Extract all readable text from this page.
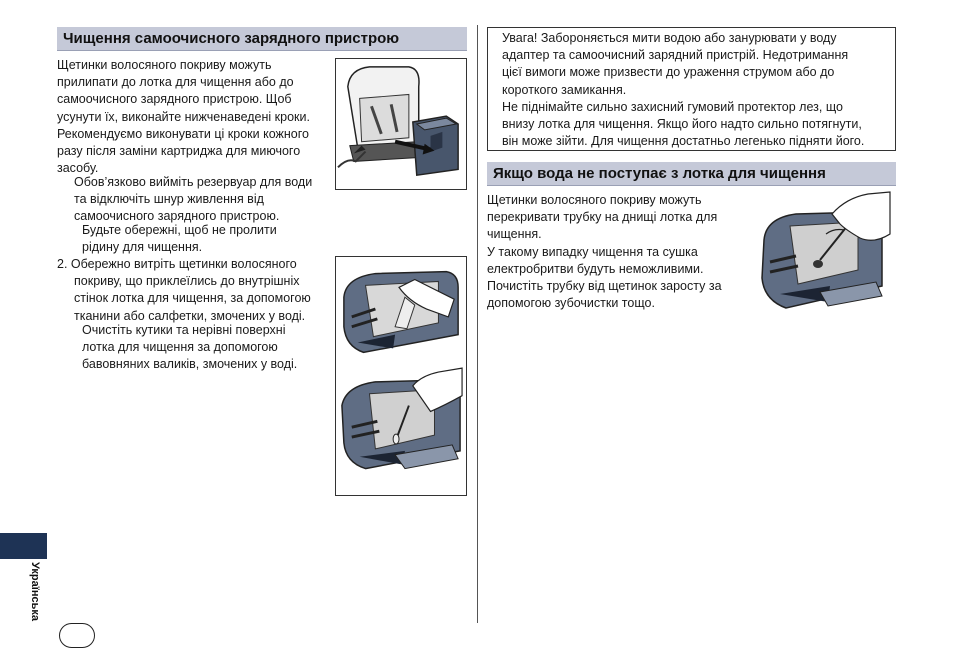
Чищення самоочисного зарядного пристрою

Щетинки волосяного покриву можуть

прилипати до лотка для чищення або до

самоочисного зарядного пристрою. Щоб

усунути їх, виконайте нижченаведені кроки.

Рекомендуємо виконувати ці кроки кожного

разу після заміни картриджа для миючого

засобу.

Обов’язково вийміть резервуар для води

та відключіть шнур живлення від

самоочисного зарядного пристрою.

Будьте обережні, щоб не пролити

рідину для чищення.

2. Обережно витріть щетинки волосяного

покриву, що приклеїлись до внутрішніх

стінок лотка для чищення, за допомогою

тканини або салфетки, змочених у воді.

Очистіть кутики та нерівні поверхні

лотка для чищення за допомогою

бавовняних валиків, змочених у воді.

Увага! Забороняється мити водою або занурювати у воду
адаптер та самоочисний зарядний пристрій. Недотримання
цієї вимоги може призвести до ураження струмом або до
короткого замикання.
Не піднімайте сильно захисний гумовий протектор лез, що
внизу лотка для чищення. Якщо його надто сильно потягнути,
він може зійти. Для чищення достатньо легенько підняти його.
Якщо вода не поступає з лотка для чищення

Щетинки волосяного покриву можуть

перекривати трубку на днищі лотка для

чищення.

У такому випадку чищення та сушка

електробритви будуть неможливими.

Почистіть трубку від щетинок заросту за

допомогою зубочистки тощо.

Українська
